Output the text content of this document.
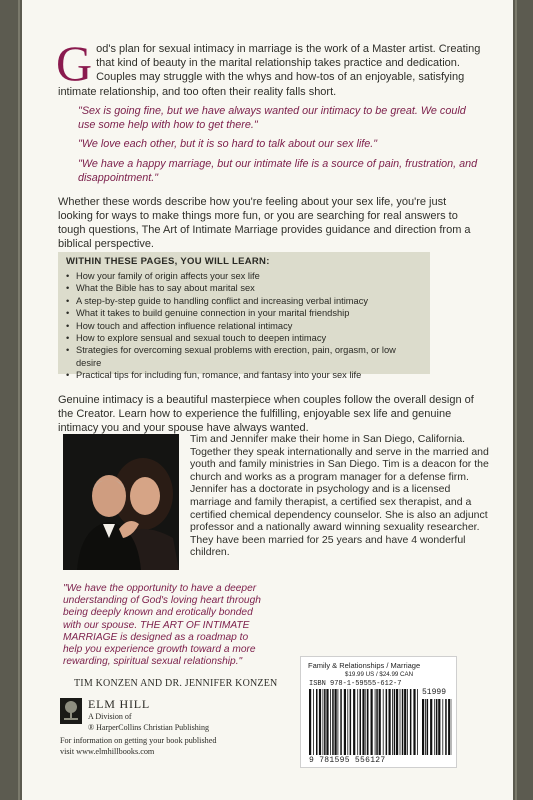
God's plan for sexual intimacy in marriage is the work of a Master artist. Creating that kind of beauty in the marital relationship takes practice and dedication. Couples may struggle with the whys and how-tos of an enjoyable, satisfying intimate relationship, and too often their reality falls short.

"Sex is going fine, but we have always wanted our intimacy to be great. We could use some help with how to get there."

"We love each other, but it is so hard to talk about our sex life."

"We have a happy marriage, but our intimate life is a source of pain, frustration, and disappointment."

Whether these words describe how you're feeling about your sex life, you're just looking for ways to make things more fun, or you are searching for real answers to tough questions, The Art of Intimate Marriage provides guidance and direction from a biblical perspective.

WITHIN THESE PAGES, YOU WILL LEARN:

• How your family of origin affects your sex life
• What the Bible has to say about marital sex
• A step-by-step guide to handling conflict and increasing verbal intimacy
• What it takes to build genuine connection in your marital friendship
• How touch and affection influence relational intimacy
• How to explore sensual and sexual touch to deepen intimacy
• Strategies for overcoming sexual problems with erection, pain, orgasm, or low desire
• Practical tips for including fun, romance, and fantasy into your sex life

Genuine intimacy is a beautiful masterpiece when couples follow the overall design of the Creator. Learn how to experience the fulfilling, enjoyable sex life and genuine intimacy you and your spouse have always wanted.

Tim and Jennifer make their home in San Diego, California. Together they speak internationally and serve in the married and youth and family ministries in San Diego. Tim is a deacon for the church and works as a program manager for a defense firm. Jennifer has a doctorate in psychology and is a licensed marriage and family therapist, a certified sex therapist, and a certified chemical dependency counselor. She is also an adjunct professor and a nationally award winning sexuality researcher. They have been married for 25 years and have 4 wonderful children.

"We have the opportunity to have a deeper understanding of God's loving heart through being deeply known and erotically bonded with our spouse. THE ART OF INTIMATE MARRIAGE is designed as a roadmap to help you experience growth toward a more rewarding, spiritual sexual relationship."

TIM KONZEN AND DR. JENNIFER KONZEN

ELM HILL

A Division of

® HarperCollins Christian Publishing

For information on getting your book published
visit www.elmhillbooks.com

Family & Relationships / Marriage

$19.99 US / $24.99 CAN

ISBN 978-1-59555-612-7

51999

9 781595 556127
